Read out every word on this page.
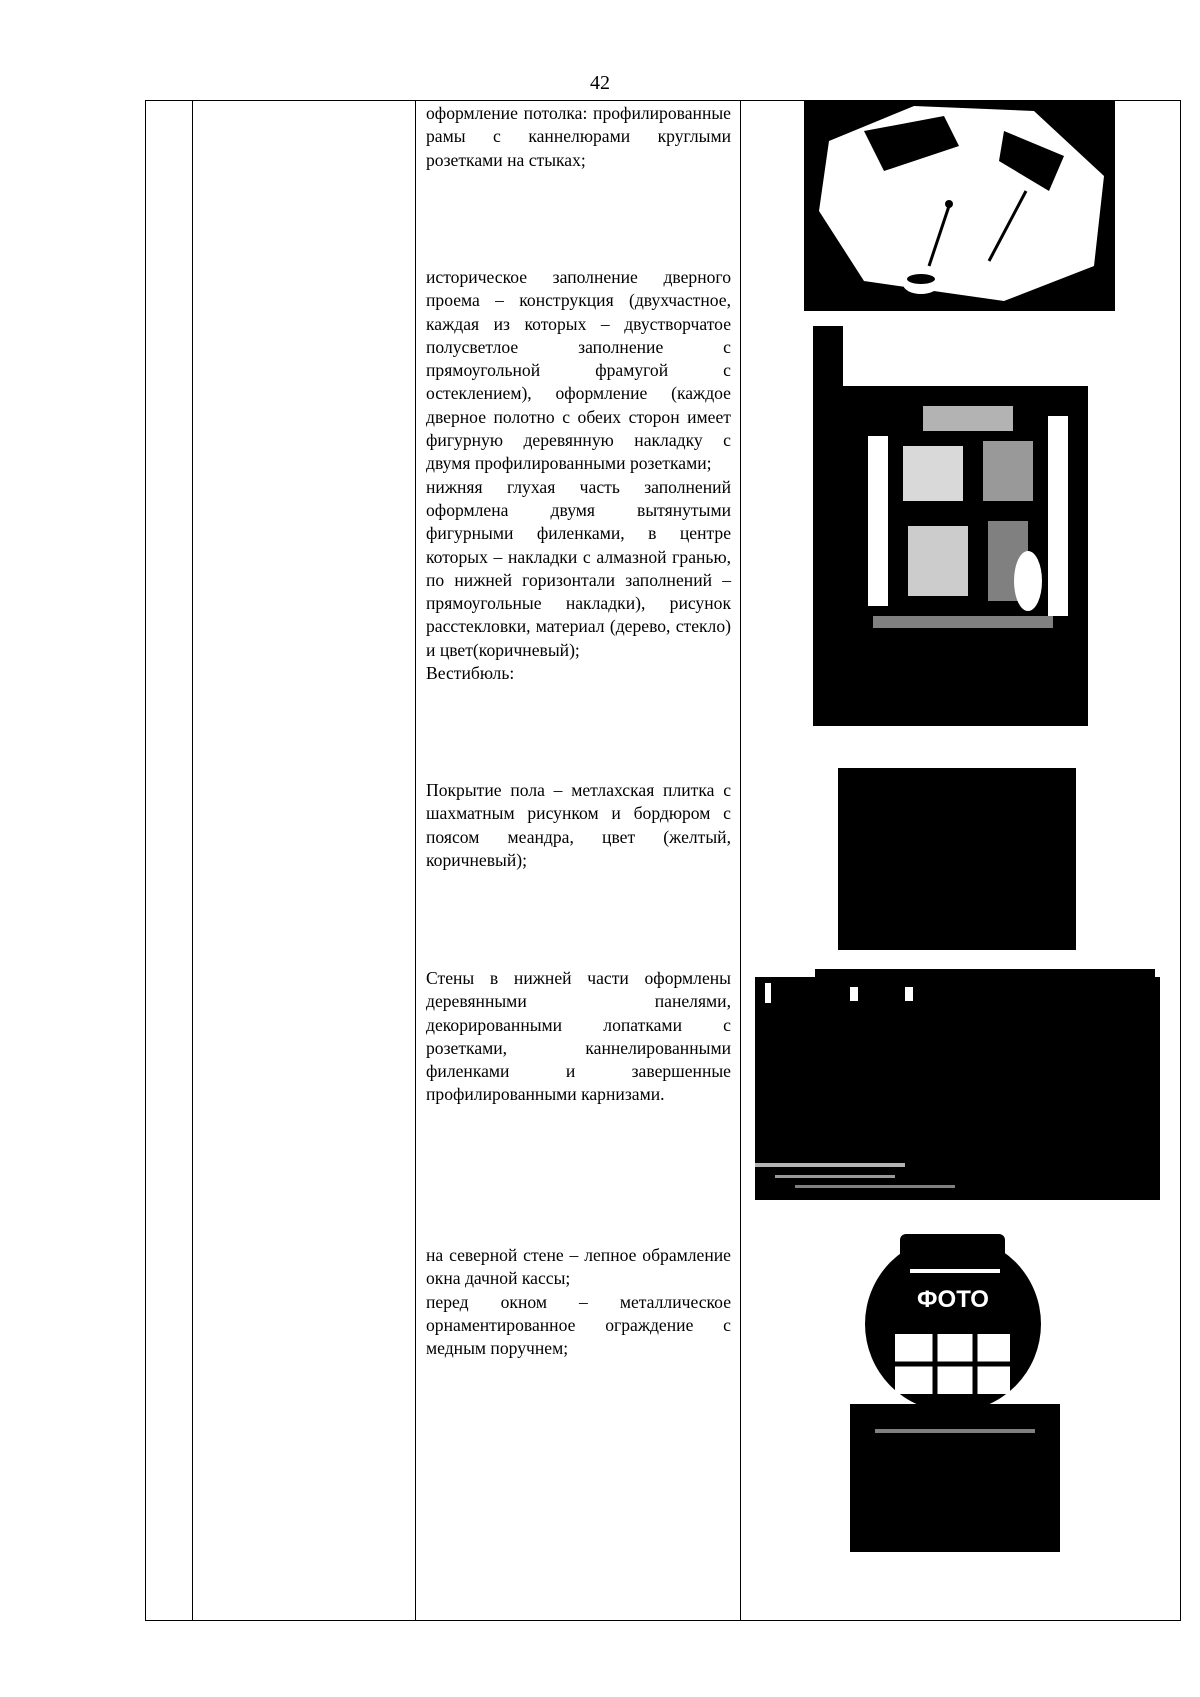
42

оформление потолка: профилированные рамы с каннелюрами круглыми розетками на стыках;

историческое заполнение дверного проема – конструкция (двухчастное, каждая из которых – двустворчатое полусветлое заполнение с прямоугольной фрамугой с остеклением), оформление (каждое дверное полотно с обеих сторон имеет фигурную деревянную накладку с двумя профилированными розетками;

нижняя глухая часть заполнений оформлена двумя вытянутыми фигурными филенками, в центре которых – накладки с алмазной гранью, по нижней горизонтали заполнений – прямоугольные накладки), рисунок расстекловки, материал (дерево, стекло) и цвет(коричневый);

Вестибюль:

Покрытие пола – метлахская плитка с шахматным рисунком и бордюром с поясом меандра, цвет (желтый, коричневый);

Стены в нижней части оформлены деревянными панелями, декорированными лопатками с розетками, каннелированными филенками и завершенные профилированными карнизами.

на северной стене – лепное обрамление окна дачной кассы;

перед окном – металлическое орнаментированное ограждение с медным поручнем;

ФОТО
